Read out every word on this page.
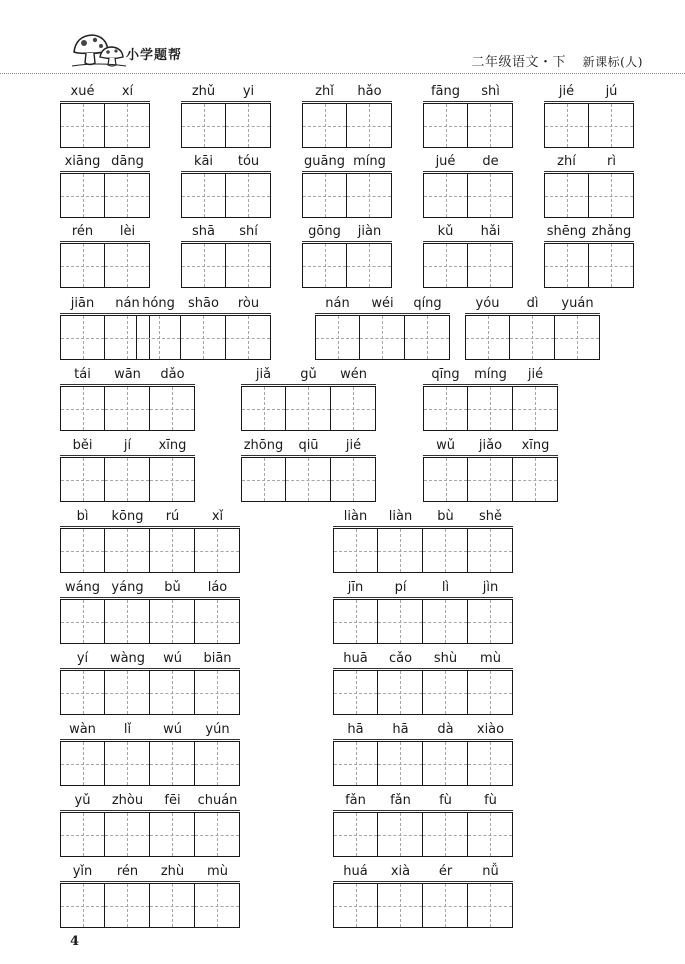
小学题帮	二年级语文・下 新课标(人)
xué	xí	zhǔ	yi	zhǐ	hǎo	fāng	shì	jié	jú
xiāng dāng	kāi	tóu	guāng míng	jué	de	zhí	rì
rén	lèi	shā	shí	gōng	jiàn	kǔ	hǎi	shēng zhǎng
jiān	nán hóng	shāo	ròu	nán	wéi	qíng	yóu	dì	yuán
tái	wān	dǎo	jiǎ	gǔ	wén	qīng	míng	jié
běi	jí	xīng	zhōng	qiū	jié	wǔ	jiǎo	xīng
bì	kōng	rú	xǐ	liàn	liàn	bù	shě
wáng yáng	bǔ	láo	jīn	pí	lì	jìn
yí	wàng	wú	biān	huā	cǎo	shù	mù
wàn	lǐ	wú	yún	hā	hā	dà	xiào
yǔ	zhòu	fēi	chuán	fǎn	fǎn	fù	fù
yǐn	rén	zhù	mù	huá	xià	ér	nǚ
4
